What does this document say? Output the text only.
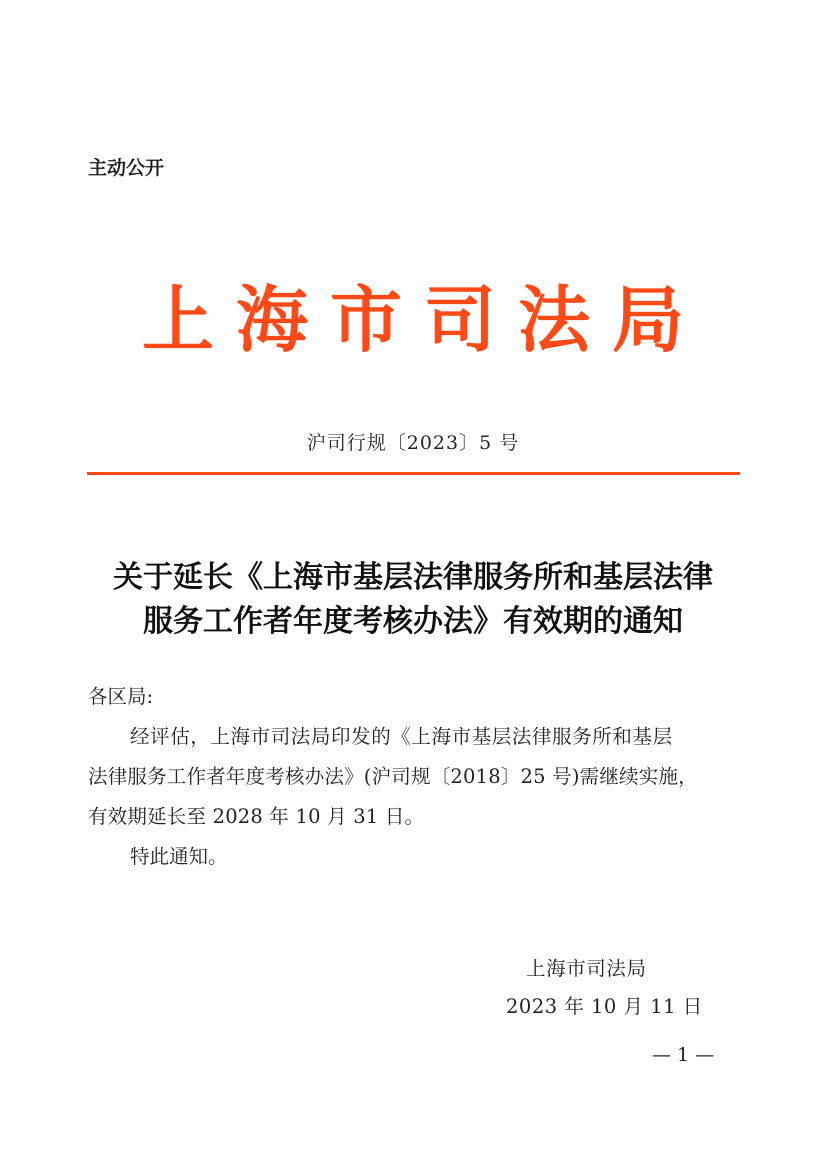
主动公开
上海市司法局
沪司行规〔2023〕5 号
关于延长《上海市基层法律服务所和基层法律
服务工作者年度考核办法》有效期的通知
各区局:
经评估，上海市司法局印发的《上海市基层法律服务所和基层
法律服务工作者年度考核办法》(沪司规〔2018〕25 号)需继续实施，
有效期延长至 2028 年 10 月 31 日。
特此通知。
上海市司法局
2023 年 10 月 11 日
— 1 —
